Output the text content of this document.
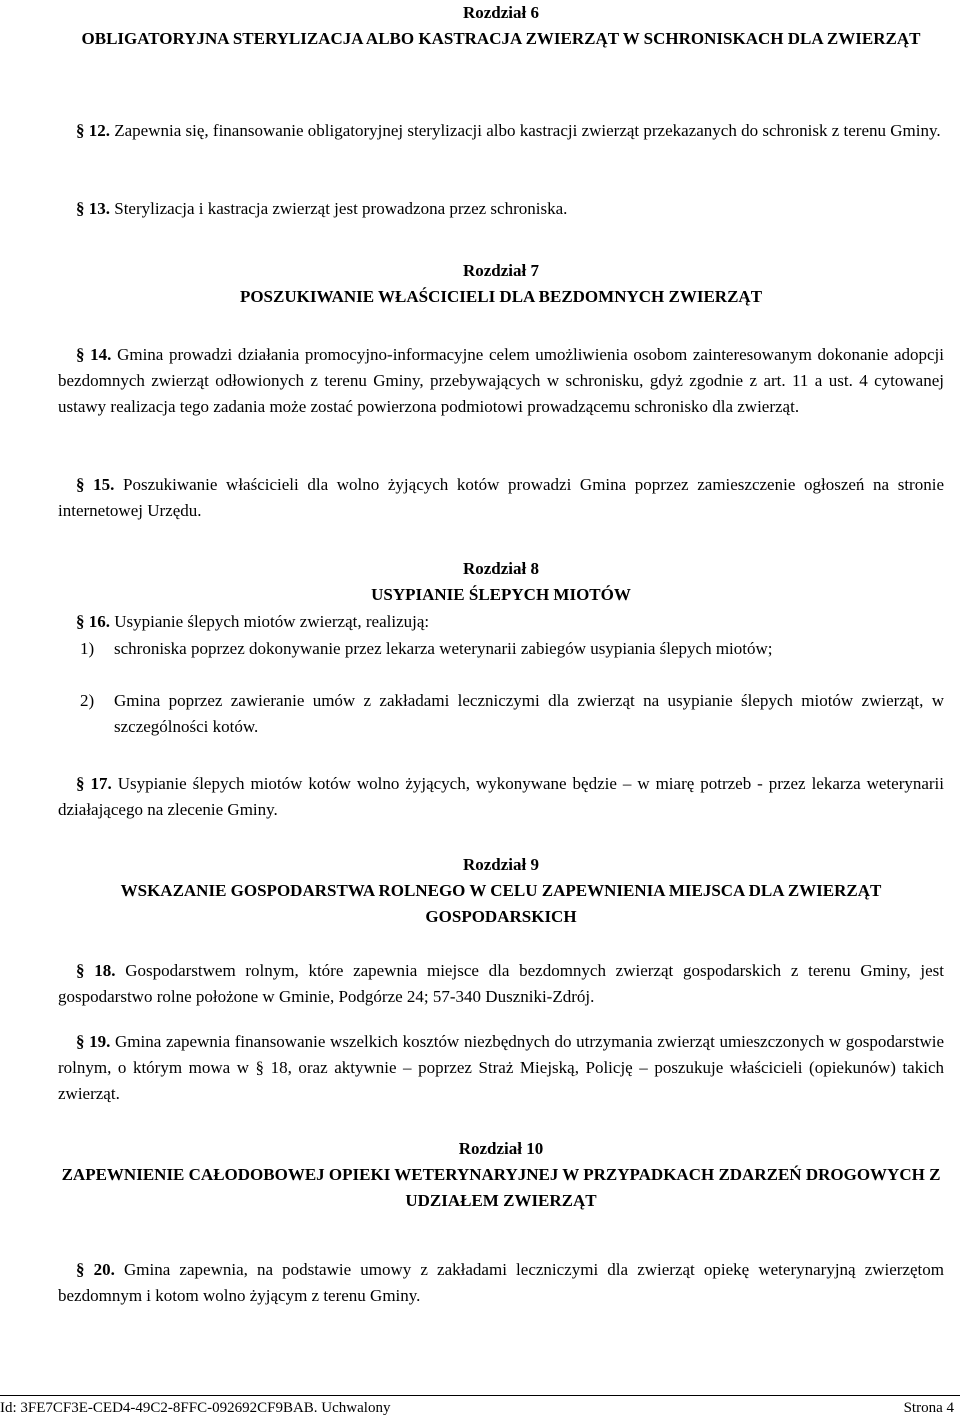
Rozdział 6
OBLIGATORYJNA STERYLIZACJA ALBO KASTRACJA ZWIERZĄT W SCHRONISKACH DLA ZWIERZĄT
§ 12. Zapewnia się, finansowanie obligatoryjnej sterylizacji albo kastracji zwierząt przekazanych do schronisk z terenu Gminy.
§ 13. Sterylizacja i kastracja zwierząt jest prowadzona przez schroniska.
Rozdział 7
POSZUKIWANIE WŁAŚCICIELI DLA BEZDOMNYCH ZWIERZĄT
§ 14. Gmina prowadzi działania promocyjno-informacyjne celem umożliwienia osobom zainteresowanym dokonanie adopcji bezdomnych zwierząt odłowionych z terenu Gminy, przebywających w schronisku, gdyż zgodnie z art. 11 a ust. 4 cytowanej ustawy realizacja tego zadania może zostać powierzona podmiotowi prowadzącemu schronisko dla zwierząt.
§ 15. Poszukiwanie właścicieli dla wolno żyjących kotów prowadzi Gmina poprzez zamieszczenie ogłoszeń na stronie internetowej Urzędu.
Rozdział 8
USYPIANIE ŚLEPYCH MIOTÓW
§ 16. Usypianie ślepych miotów zwierząt, realizują:
1)	schroniska poprzez dokonywanie przez lekarza weterynarii zabiegów usypiania ślepych miotów;
2)	Gmina poprzez zawieranie umów z zakładami leczniczymi dla zwierząt na usypianie ślepych miotów zwierząt, w szczególności kotów.
§ 17. Usypianie ślepych miotów kotów wolno żyjących, wykonywane będzie – w miarę potrzeb - przez lekarza weterynarii działającego na zlecenie Gminy.
Rozdział 9
WSKAZANIE GOSPODARSTWA ROLNEGO W CELU ZAPEWNIENIA MIEJSCA DLA ZWIERZĄT GOSPODARSKICH
§ 18. Gospodarstwem rolnym, które zapewnia miejsce dla bezdomnych zwierząt gospodarskich z terenu Gminy, jest gospodarstwo rolne położone w Gminie, Podgórze 24; 57-340 Duszniki-Zdrój.
§ 19. Gmina zapewnia finansowanie wszelkich kosztów niezbędnych do utrzymania zwierząt umieszczonych w gospodarstwie rolnym, o którym mowa w § 18, oraz aktywnie – poprzez Straż Miejską, Policję – poszukuje właścicieli (opiekunów) takich zwierząt.
Rozdział 10
ZAPEWNIENIE CAŁODOBOWEJ OPIEKI WETERYNARYJNEJ W PRZYPADKACH ZDARZEŃ DROGOWYCH Z UDZIAŁEM ZWIERZĄT
§ 20. Gmina zapewnia, na podstawie umowy z zakładami leczniczymi dla zwierząt opiekę weterynaryjną zwierzętom bezdomnym i kotom wolno żyjącym z terenu Gminy.
Id: 3FE7CF3E-CED4-49C2-8FFC-092692CF9BAB. Uchwalony	Strona 4
